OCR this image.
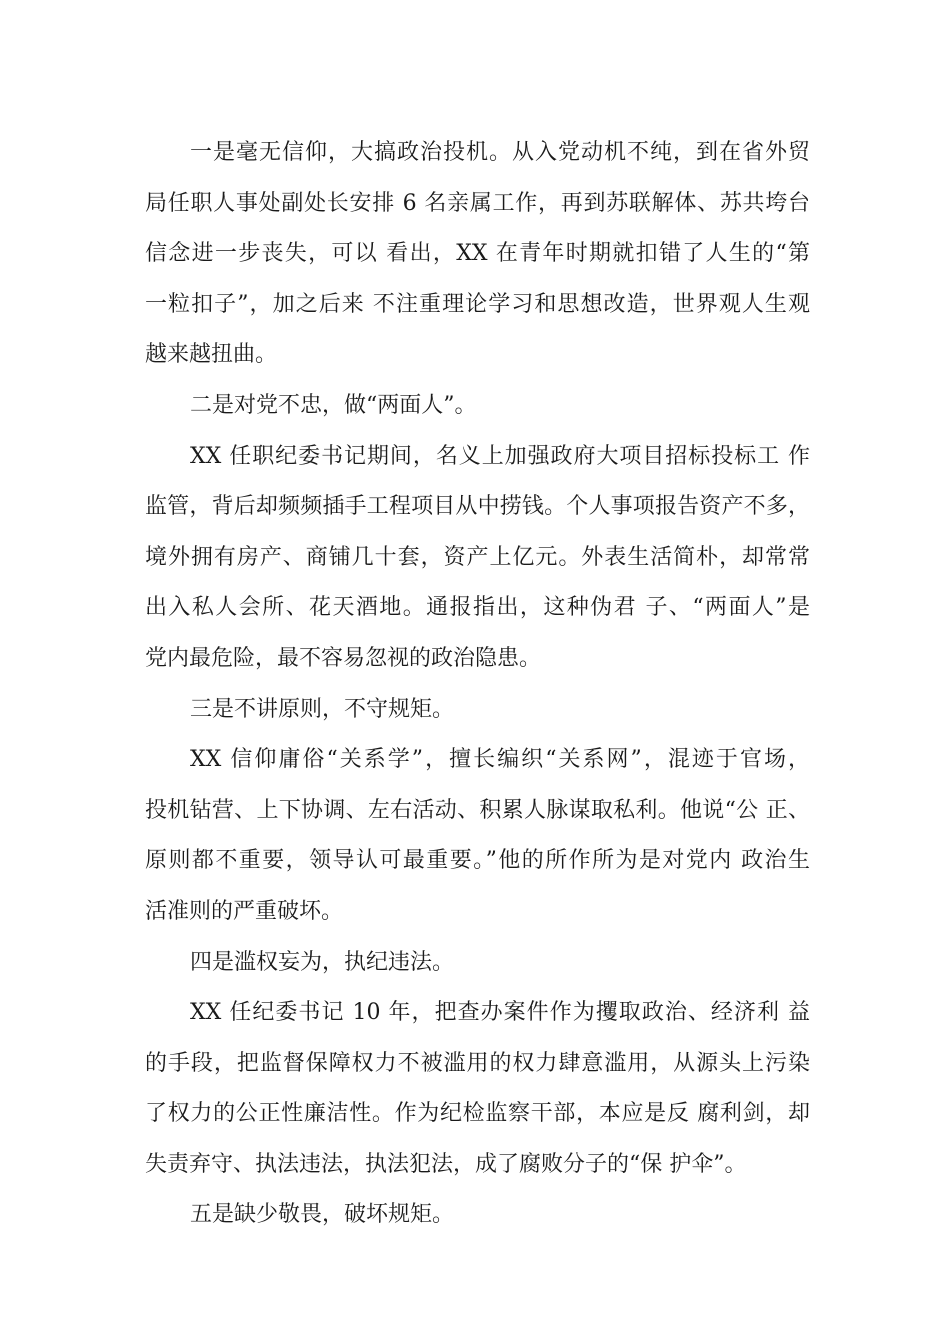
一是毫无信仰，大搞政治投机。从入党动机不纯，到在省外贸
局任职人事处副处长安排 6 名亲属工作，再到苏联解体、苏共垮台
信念进一步丧失，可以 看出，XX 在青年时期就扣错了人生的“第
一粒扣子”，加之后来 不注重理论学习和思想改造，世界观人生观
越来越扭曲。
二是对党不忠，做“两面人”。
XX 任职纪委书记期间，名义上加强政府大项目招标投标工 作
监管，背后却频频插手工程项目从中捞钱。个人事项报告资产不多，
境外拥有房产、商铺几十套，资产上亿元。外表生活简朴，却常常
出入私人会所、花天酒地。通报指出，这种伪君 子、“两面人”是
党内最危险，最不容易忽视的政治隐患。
三是不讲原则，不守规矩。
XX 信仰庸俗“关系学”，擅长编织“关系网”，混迹于官场，
投机钻营、上下协调、左右活动、积累人脉谋取私利。他说“公 正、
原则都不重要，领导认可最重要。”他的所作所为是对党内 政治生
活准则的严重破坏。
四是滥权妄为，执纪违法。
XX 任纪委书记 10 年，把查办案件作为攫取政治、经济利 益
的手段，把监督保障权力不被滥用的权力肆意滥用，从源头上污染
了权力的公正性廉洁性。作为纪检监察干部，本应是反 腐利剑，却
失责弃守、执法违法，执法犯法，成了腐败分子的“保 护伞”。
五是缺少敬畏，破坏规矩。
